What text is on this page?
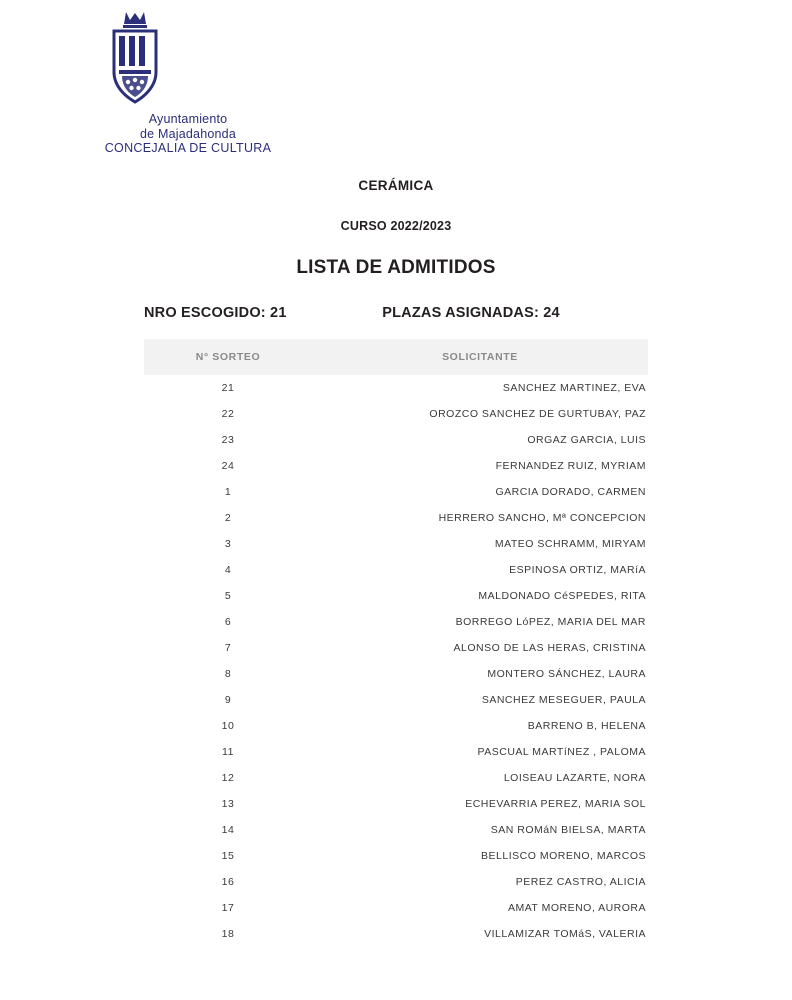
Ayuntamiento
de Majadahonda
CONCEJALIA DE CULTURA
CERÁMICA
CURSO 2022/2023
LISTA DE ADMITIDOS
NRO ESCOGIDO: 21	PLAZAS ASIGNADAS: 24
N° SORTEO	SOLICITANTE
21	SANCHEZ MARTINEZ, EVA
22	OROZCO SANCHEZ DE GURTUBAY, PAZ
23	ORGAZ GARCIA, LUIS
24	FERNANDEZ RUIZ, MYRIAM
1	GARCIA DORADO, CARMEN
2	HERRERO SANCHO, Mª CONCEPCION
3	MATEO SCHRAMM, MIRYAM
4	ESPINOSA ORTIZ, MARíA
5	MALDONADO CéSPEDES, RITA
6	BORREGO LóPEZ, MARIA DEL MAR
7	ALONSO DE LAS HERAS, CRISTINA
8	MONTERO SÁNCHEZ, LAURA
9	SANCHEZ MESEGUER, PAULA
10	BARRENO B, HELENA
11	PASCUAL MARTíNEZ , PALOMA
12	LOISEAU LAZARTE, NORA
13	ECHEVARRIA PEREZ, MARIA SOL
14	SAN ROMáN BIELSA, MARTA
15	BELLISCO MORENO, MARCOS
16	PEREZ CASTRO, ALICIA
17	AMAT MORENO, AURORA
18	VILLAMIZAR TOMáS, VALERIA
